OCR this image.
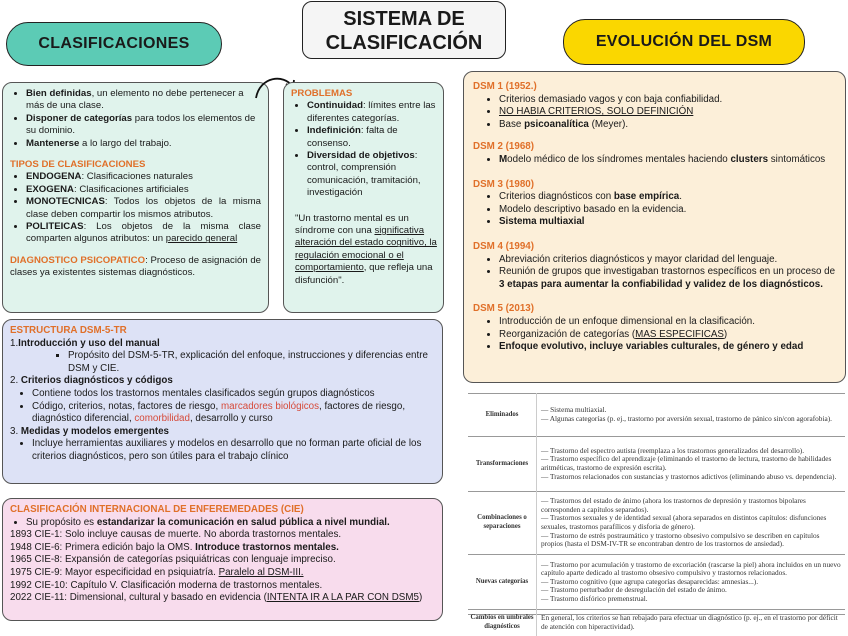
CLASIFICACIONES
SISTEMA DE
CLASIFICACIÓN	EVOLUCIÓN DEL DSM
• Bien definidas, un elemento no debe pertenecer a más de una clase.
• Disponer de categorías para todos los elementos de su dominio.
• Mantenerse a lo largo del trabajo.
TIPOS DE CLASIFICACIONES
• ENDOGENA: Clasificaciones naturales
• EXOGENA: Clasificaciones artificiales
• MONOTECNICAS: Todos los objetos de la misma clase deben compartir los mismos atributos.
• POLITEICAS: Los objetos de la misma clase comparten algunos atributos: un parecido general
DIAGNOSTICO PSICOPATICO: Proceso de asignación de clases ya existentes sistemas diagnósticos.
PROBLEMAS
• Continuidad: límites entre las diferentes categorías.
• Indefinición: falta de consenso.
• Diversidad de objetivos: control, comprensión comunicación, tramitación, investigación
"Un trastorno mental es un síndrome con una significativa alteración del estado cognitivo, la regulación emocional o el comportamiento, que refleja una disfunción".
DSM 1 (1952.)
• Criterios demasiado vagos y con baja confiabilidad.
• NO HABIA CRITERIOS, SOLO DEFINICIÓN
• Base psicoanalítica (Meyer).
DSM 2 (1968)
• Modelo médico de los síndromes mentales haciendo clusters sintomáticos
DSM 3 (1980)
• Criterios diagnósticos con base empírica.
• Modelo descriptivo basado en la evidencia.
• Sistema multiaxial
DSM 4 (1994)
• Abreviación criterios diagnósticos y mayor claridad del lenguaje.
• Reunión de grupos que investigaban trastornos específicos en un proceso de 3 etapas para aumentar la confiabilidad y validez de los diagnósticos.
DSM 5 (2013)
• Introducción de un enfoque dimensional en la clasificación.
• Reorganización de categorías (MAS ESPECIFICAS)
• Enfoque evolutivo, incluye variables culturales, de género y edad
ESTRUCTURA DSM-5-TR
1.Introducción y uso del manual
▪ Propósito del DSM-5-TR, explicación del enfoque, instrucciones y diferencias entre DSM y CIE.
2. Criterios diagnósticos y códigos
• Contiene todos los trastornos mentales clasificados según grupos diagnósticos
• Código, criterios, notas, factores de riesgo, marcadores biológicos, factores de riesgo, diagnóstico diferencial, comorbilidad, desarrollo y curso
3. Medidas y modelos emergentes
• Incluye herramientas auxiliares y modelos en desarrollo que no forman parte oficial de los criterios diagnósticos, pero son útiles para el trabajo clínico
CLASIFICACIÓN INTERNACIONAL DE ENFEREMEDADES (CIE)
• Su propósito es estandarizar la comunicación en salud pública a nivel mundial.
1893 CIE-1: Solo incluye causas de muerte. No aborda trastornos mentales.
1948 CIE-6: Primera edición bajo la OMS. Introduce trastornos mentales.
1965 CIE-8: Expansión de categorías psiquiátricas con lenguaje impreciso.
1975 CIE-9: Mayor especificidad en psiquiatría. Paralelo al DSM-III.
1992 CIE-10: Capítulo V. Clasificación moderna de trastornos mentales.
2022 CIE-11: Dimensional, cultural y basado en evidencia (INTENTA IR A LA PAR CON DSM5)
Eliminados	— Sistema multiaxial.
— Algunas categorías (p. ej., trastorno por aversión sexual, trastorno de pánico sin/con agorafobia).

Transformaciones	— Trastorno del espectro autista (reemplaza a los trastornos generalizados del desarrollo).
— Trastorno específico del aprendizaje (eliminando el trastorno de lectura, trastorno de habilidades aritméticas, trastorno de expresión escrita).
— Trastornos relacionados con sustancias y trastornos adictivos (eliminando abuso vs. dependencia).

Combinaciones o separaciones	— Trastornos del estado de ánimo (ahora los trastornos de depresión y trastornos bipolares corresponden a capítulos separados).
— Trastornos sexuales y de identidad sexual (ahora separados en distintos capítulos: disfunciones sexuales, trastornos parafílicos y disforia de género).
— Trastorno de estrés postraumático y trastorno obsesivo compulsivo se describen en capítulos propios (hasta el DSM-IV-TR se encontraban dentro de los trastornos de ansiedad).

Nuevas categorías	— Trastorno por acumulación y trastorno de excoriación (rascarse la piel) ahora incluidos en un nuevo capítulo aparte dedicado al trastorno obsesivo compulsivo y trastornos relacionados.
— Trastorno cognitivo (que agrupa categorías desaparecidas: amnesias...).
— Trastorno perturbador de desregulación del estado de ánimo.
— Trastorno disfórico premenstrual.

Cambios en umbrales diagnósticos	En general, los criterios se han rebajado para efectuar un diagnóstico (p. ej., en el trastorno por déficit de atención con hiperactividad).
